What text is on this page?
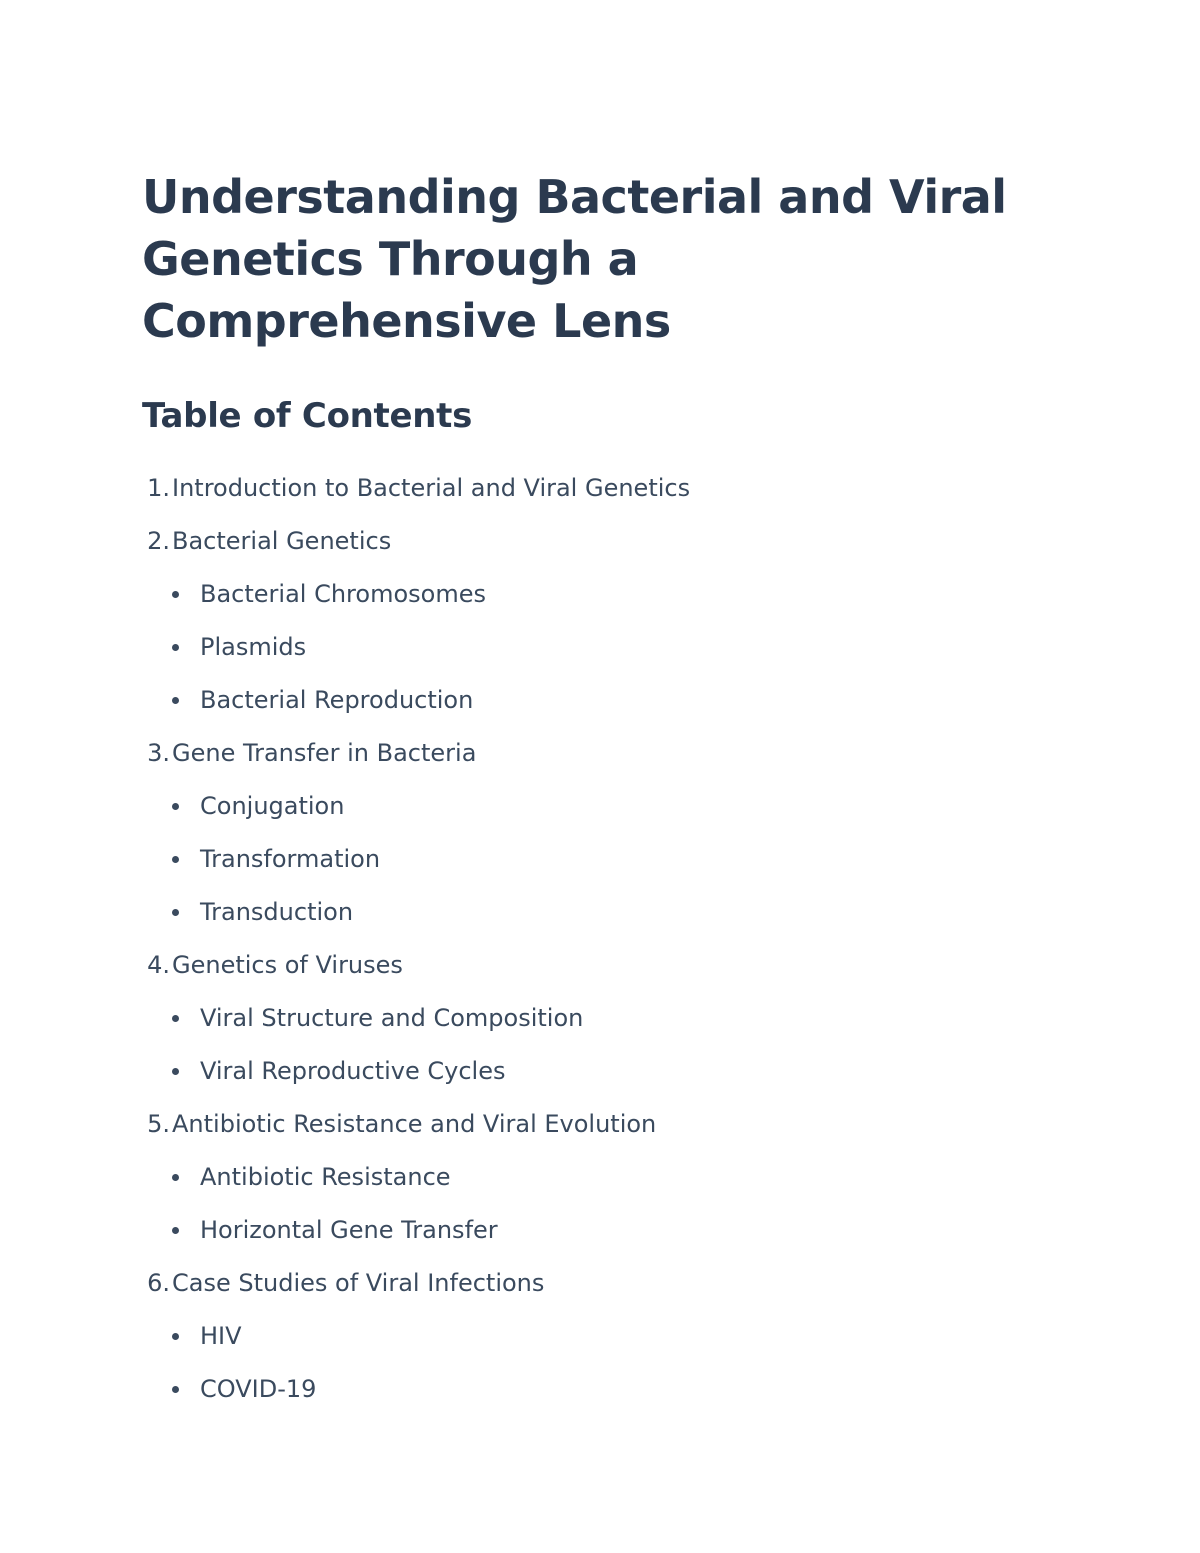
Understanding Bacterial and Viral Genetics Through a Comprehensive Lens
Table of Contents
1. Introduction to Bacterial and Viral Genetics
2. Bacterial Genetics
Bacterial Chromosomes
Plasmids
Bacterial Reproduction
3. Gene Transfer in Bacteria
Conjugation
Transformation
Transduction
4. Genetics of Viruses
Viral Structure and Composition
Viral Reproductive Cycles
5. Antibiotic Resistance and Viral Evolution
Antibiotic Resistance
Horizontal Gene Transfer
6. Case Studies of Viral Infections
HIV
COVID-19
